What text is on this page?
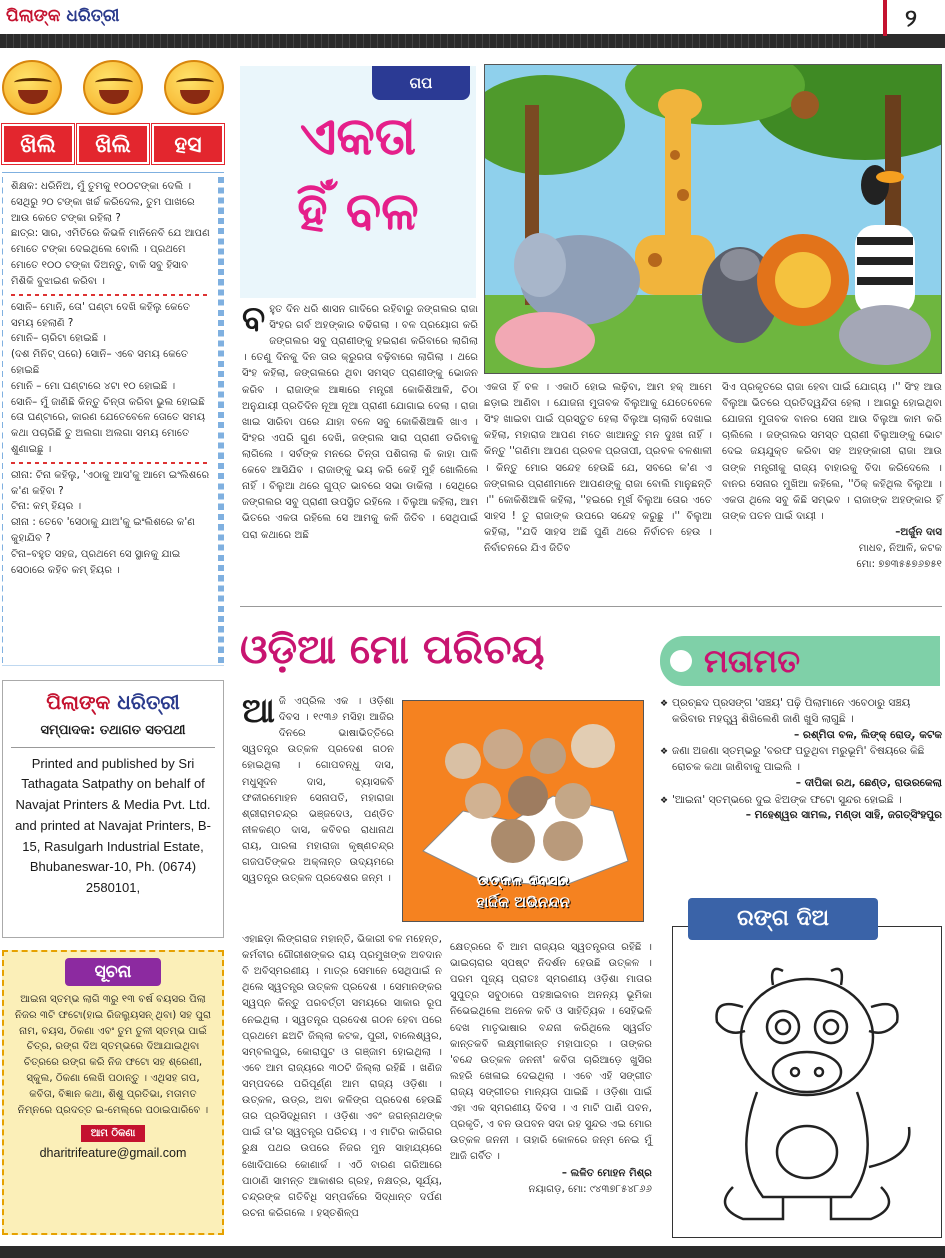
ପିଲାଙ୍କ ଧରିତ୍ରୀ	୨
ଖିଲି	ଖିଲି	ହସ

ଶିକ୍ଷକ: ଧରିନିଅ, ମୁଁ ତୁମକୁ ୧୦୦ଟଙ୍କା ଦେଲି । ସେଥିରୁ ୨୦ ଟଙ୍କା ଖର୍ଚ୍ଚ କରିଦେଲ, ତୁମ ପାଖରେ ଆଉ କେତେ ଟଙ୍କା ରହିଲା ?

ଛାତ୍ର: ସାର, ଏମିତିରେ କିଭଳି ମାନିନେବି ଯେ ଆପଣ ମୋତେ ଟଙ୍କା ଦେଇଥିଲେ ବୋଲି । ପ୍ରଥମେ ମୋତେ ୧୦୦ ଟଙ୍କା ଦିଅନ୍ତୁ, ବାକି ସବୁ ହିସାବ ମିଶିକି ବୁଝାଇଣ କରିବା ।

ସୋନି– ମୋନି, ତୋ' ଘଣ୍ଟା ଦେଖି କହିଲୁ କେତେ ସମୟ ହେଲାଣି ?

ମୋନି– ଚାରିଟା ହୋଇଛି ।

(ଦଶ ମିନିଟ୍ ପରେ) ସୋନି– ଏବେ ସମୟ କେତେ ହୋଇଛି

ମୋନି – ମୋ ଘଣ୍ଟାରେ ୪ଟା ୧୦ ହୋଇଛି ।

ସୋନି– ମୁଁ ଜାଣିଛି କିନ୍ତୁ ଚିନ୍ତା କରିବା ଭୁଲ ହୋଇଛି ତୋ ଘଣ୍ଟାରେ, କାରଣ ଯେତେବେଳେ ତୋତେ ସମୟ କଥା ପଚାରିଛି ତୁ ଅଲଗା ଅଲଗା ସମୟ ମୋତେ ଶୁଣାଇଛୁ ।

ରୀନା: ଟିନା କହିଲୁ, 'ଏଠାକୁ ଆସ'କୁ ଆମେ ଇଂଲିଶରେ କ'ଣ କହିବା ?

ଟିନା: କମ୍ ହିୟର ।

ରୀନା : ତେବେ 'ସେଠାକୁ ଯାଅ'କୁ ଇଂଲିଶରେ କ'ଣ କୁହାଯିବ ?

ଟିନା–ବହୁତ ସହଜ, ପ୍ରଥମେ ସେ ସ୍ଥାନକୁ ଯାଇ ସେଠାରେ କହିବ କମ୍ ହିୟର ।

ପିଲାଙ୍କ ଧରିତ୍ରୀ
ସମ୍ପାଦକ: ତଥାଗତ ସତପଥୀ
Printed and published by Sri Tathagata Satpathy on behalf of Navajat Printers & Media Pvt. Ltd. and printed at Navajat Printers, B-15, Rasulgarh Industrial Estate, Bhubaneswar-10, Ph. (0674) 2580101,
ସୂଚନା
ଆଇନା ସ୍ତମ୍ଭ ଲାଗି ୩ରୁ ୧୩ ବର୍ଷ ବୟସର ପିଲା ନିଜର ୩ଟି ଫଟୋ(ହାଇ ରିଜଲ୍ୟୁସନ୍ ଥିବା) ସହ ପୁରା ନାମ, ବୟସ, ଠିକଣା ଏବଂ ତୁମ ତୁଳୀ ସ୍ତମ୍ଭ ପାଇଁ ଚିତ୍ର, ରଙ୍ଗ ଦିଅ ସ୍ତମ୍ଭରେ ଦିଆଯାଇଥିବା ଚିତ୍ରରେ ରଙ୍ଗ କରି ନିଜ ଫଟୋ ସହ ଶ୍ରେଣୀ, ସ୍କୁଲ, ଠିକଣା ଲେଖି ପଠାନ୍ତୁ । ଏଥିସହ ଗପ, କବିତା, ବିଜ୍ଞାନ କଥା, ଶିଶୁ ପ୍ରତିଭା, ମତାମତ ନିମ୍ନରେ ପ୍ରଦତ୍ତ ଇ-ମେଲ୍‌ରେ ପଠାଇପାରିବେ ।
ଆମ ଠିକଣା
dharitrifeature@gmail.com
ଗପ
ଏକତା
ହିଁ ବଳ
ବହୁତ ଦିନ ଧରି ଶାସନ ଗାଦିରେ ରହିବାରୁ ଜଙ୍ଗଲର ରାଜା ସିଂହର ଗର୍ବ ଅହଙ୍କାର ବଢିଗଲା । ବଳ ପ୍ରୟୋଗ କରି ଜଙ୍ଗଲର ସବୁ ପ୍ରାଣୀଙ୍କୁ ହଇରାଣ କରିବାରେ ଲାଗିଲା । ତେଣୁ ଦିନକୁ ଦିନ ତାର କ୍ରୁରତା ବଢ଼ିବାରେ ଲାଗିଲା । ଥରେ ସିଂହ କହିଲା, ଜଙ୍ଗଲରେ ଥିବା ସମସ୍ତ ପ୍ରାଣୀଙ୍କୁ ଭୋଜନ କରିବ । ରାଜାଙ୍କ ଆଜ୍ଞାରେ ମନ୍ତ୍ରୀ କୋକିଶିଆଳି, ଚିଠା ଅନୁଯାୟୀ ପ୍ରତିଦିନ ନୂଆ ନୂଆ ପ୍ରାଣୀ ଯୋଗାଇ ଦେଲା । ରାଜା ଖାଇ ସାରିବା ପରେ ଯାହା ବଳେ ସବୁ କୋକିଶିଆଳି ଖାଏ । ସିଂହର ଏପରି ଗୁଣ ଦେଖି, ଜଙ୍ଗଲ ସାରା ପ୍ରାଣୀ ଡରିବାକୁ ଲାଗିଲେ । ସର୍ବଙ୍କ ମନରେ ଚିନ୍ତା ପଶିଗଲା କି କାହା ପାଳି କେବେ ଆସିଯିବ । ରାଜାଙ୍କୁ ଭୟ କରି କେହି ମୁହଁ ଖୋଲିଲେ ନାହିଁ । ବିଲୁଆ ଥରେ ଗୁପ୍ତ ଭାବରେ ସଭା ଡାକିଲା । ସେଥିରେ ଜଙ୍ଗଲର ସବୁ ପ୍ରାଣୀ ଉପସ୍ଥିତ ରହିଲେ । ବିଲୁଆ କହିଲା, ଆମ ଭିତରେ ଏକତା ରହିଲେ ସେ ଆମକୁ କଳି ଜିତିବ । ସେଥିପାଇଁ ପରା କଥାରେ ଅଛି
ଏକତା ହିଁ ବଳ । ଏକାଠି ହୋଇ ଲଢ଼ିବା, ଆମ ହକ୍ ଆମେ ଛଡ଼ାଇ ଆଣିବା । ଯୋଜନା ମୁତାବକ ବିଲୁଆକୁ ଯେତେବେଳେ ସିଂହ ଖାଇବା ପାଇଁ ପ୍ରସ୍ତୁତ ହେଲା ବିଲୁଆ ଚାଲାକି ଦେଖାଇ କହିଲା, ମହାରାଜ ଆପଣ ମତେ ଖାଆନ୍ତୁ ମନ ଦୁଃଖ ନାହିଁ । କିନ୍ତୁ ''ଗଣିମା ଆପଣ ପ୍ରବଳ ପ୍ରତାପୀ, ପ୍ରବଳ ବଳଶାଳୀ । କିନ୍ତୁ ମୋର ସନ୍ଦେହ ହେଉଛି ଯେ, ସବରେ କ'ଣ ଏ ଜଙ୍ଗଲର ପ୍ରାଣୀମାନେ ଆପଣଙ୍କୁ ରାଜା ବୋଲି ମାନୁଛନ୍ତି ।'' କୋକିଶିଆଳି କହିଲା, ''ହଇରେ ମୂର୍ଖ ବିଲୁଆ ତୋର ଏତେ ସାହସ ! ତୁ ରାଜାଙ୍କ ଉପରେ ସନ୍ଦେହ କରୁଛୁ ।'' ବିଲୁଆ କହିଲା, ''ଯଦି ସାହସ ଅଛି ପୁଣି ଥରେ ନିର୍ବାଚନ ହେଉ । ନିର୍ବାଚନରେ ଯିଏ ଜିତିବ
ସିଏ ପ୍ରକୃତରେ ରାଜା ହେବା ପାଇଁ ଯୋଗ୍ୟ ।'' ସିଂହ ଆଉ ବିଲୁଆ ଭିତରେ ପ୍ରତିଦ୍ୱନ୍ଦିତା ହେଲା । ଆଗରୁ ହୋଇଥିବା ଯୋଜନା ମୁତାବକ ବାନର ସେନା ଆଉ ବିଲୁଆ କାମ କରି ଚାଲିଲେ । ଜଙ୍ଗଲର ସମସ୍ତ ପ୍ରାଣୀ ବିଲୁଆଙ୍କୁ ଭୋଟ ଦେଇ ଜୟଯୁକ୍ତ କରିବା ସହ ଅହଙ୍କାରୀ ରାଜା ଆଉ ତାଙ୍କ ମନ୍ତ୍ରୀକୁ ରାଜ୍ୟ ବାହାରକୁ ବିଦା କରିଦେଲେ । ବାନର ସେନାର ମୁଖିଆ କହିଲେ, ''ଠିକ୍ କହିଥିଲ ବିଲୁଆ । ଏକତା ଥିଲେ ସବୁ କିଛି ସମ୍ଭବ । ରାଜାଙ୍କ ଅହଙ୍କାର ହିଁ ତାଙ୍କ ପତନ ପାଇଁ ଦାୟୀ ।
–ଅର୍ଜୁନ ଦାସ
ମାଧବ, ନିଆଳି, କଟକ
ମୋ: ୭୭୩୫୫୭୬୭୫୧
ଓଡ଼ିଆ ମୋ ପରିଚୟ
ଆଜି ଏପ୍ରିଲ ଏକ । ଓଡ଼ିଶା ଦିବସ । ୧୯୩୬ ମସିହା ଆଜିର ଦିନରେ ଭାଷାଭିତ୍ତିରେ ସ୍ୱତନ୍ତ୍ର ଉତ୍କଳ ପ୍ରଦେଶ ଗଠନ ହୋଇଥିଲା । ଗୋପବନ୍ଧୁ ଦାସ, ମଧୁସୂଦନ ଦାସ, ବ୍ୟାସକବି ଫକୀରମୋହନ ସେନାପତି, ମହାରାଜା ଶ୍ରୀରାମଚନ୍ଦ୍ର ଭଞ୍ଜଦେଓ, ପଣ୍ଡିତ ନୀଳକଣ୍ଠ ଦାସ, କବିବର ରାଧାନାଥ ରାୟ, ପାରଳା ମହାରାଜା କୃଷ୍ଣଚନ୍ଦ୍ର ଗଜପତିଙ୍କର ଅକ୍ଳାନ୍ତ ଉଦ୍ୟମରେ ସ୍ୱତନ୍ତ୍ର ଉତ୍କଳ ପ୍ରଦେଶର ଜନ୍ମ ।	ଉତ୍କଳ ଦିବସର
ହାର୍ଦ୍ଦିକ ଅଭିନନ୍ଦନ
ଏହାଛଡ଼ା ଲିଙ୍ଗରାଜ ମହାନ୍ତି, ଭିକାରୀ ବଳ ମହେନ୍ତ, କର୍ମବୀର ଗୌରୀଶଙ୍କର ରାୟ ପ୍ରମୁଖଙ୍କ ଅବଦାନ ବି ଅବିସ୍ମରଣୀୟ । ମାତ୍ର ସେମାନେ ସେଥିପାଇଁ ନ ଥିଲେ ସ୍ୱତନ୍ତ୍ର ଉତ୍କଳ ପ୍ରଦେଶ । ସେମାନଙ୍କର ସ୍ୱପ୍ନ କିନ୍ତୁ ପରବର୍ତ୍ତୀ ସମୟରେ ସାକାର ରୂପ ନେଇଥିଲା । ସ୍ୱତନ୍ତ୍ର ପ୍ରଦେଶ ଗଠନ ହେବା ପରେ ପ୍ରଥମେ ଛଅଟି ଜିଲ୍ଲା କଟକ, ପୁରୀ, ବାଲେଶ୍ୱର, ସମ୍ବଲପୁର, କୋରାପୁଟ ଓ ଗଞ୍ଜାମ ହୋଇଥିଲା । ଏବେ ଆମ ରାଜ୍ୟରେ ୩୦ଟି ଜିଲ୍ଲା ରହିଛି । ଖଣିଜ ସମ୍ପଦରେ ପରିପୂର୍ଣ୍ଣ ଆମ ରାଜ୍ୟ ଓଡ଼ିଶା । ଉତ୍କଳ, ଉଡ୍ର, ଅବା କଳିଙ୍ଗ ପ୍ରଦେଶ ହେଉଛି ତାର ପ୍ରସିଦ୍ଧିନାମ । ଓଡ଼ିଶା ଏବଂ ଜଗନ୍ନାଥଙ୍କ ପାଇଁ ତା'ର ସ୍ୱତନ୍ତ୍ର ପରିଚୟ । ଏ ମାଟିର କାରିଗର ରୁକ୍ଷ ପଥର ଉପରେ ନିଜର ମୁନ ସାହାଯ୍ୟରେ ଖୋଦିପାରେ କୋଣାର୍କ । ଏଠି ବାରଣ ଗରିଆରେ ପାଠାଣି ସାମନ୍ତ ଆକାଶର ଗ୍ରହ, ନକ୍ଷତ୍ର, ସୂର୍ଯ୍ୟ, ଚନ୍ଦ୍ରଙ୍କ ଗତିବିଧି ସମ୍ପର୍କରେ ସିଦ୍ଧାନ୍ତ ଦର୍ପଣ ରଚନା କରିଗଲେ । ହସ୍ତଶିଳ୍ପ
କ୍ଷେତ୍ରରେ ବି ଆମ ରାଜ୍ୟର ସ୍ୱତନ୍ତ୍ରତା ରହିଛି । ଭାଇଚାରାର ସ୍ପଷ୍ଟ ନିଦର୍ଶନ ହେଉଛି ଉତ୍କଳ । ପରମ ପୂଜ୍ୟ ପ୍ରାତଃ ସ୍ମରଣୀୟ ଓଡ଼ିଶା ମାତାର ସୁପୁତ୍ର ସବୁଠାରେ ପହଞ୍ଚାଇବାର ଅନନ୍ୟ ଭୂମିକା ନିଭେଇଥିଲେ ଅନେକ କବି ଓ ସାହିତ୍ୟିକ । ସେହିଭଳି ଦେଖ ମାତୃଭାଷାର ବନ୍ଦନା କରିଥିଲେ ସ୍ୱର୍ଗତ କାନ୍ତକବି ଲକ୍ଷ୍ମୀକାନ୍ତ ମହାପାତ୍ର । ତାଙ୍କର 'ବନ୍ଦେ ଉତ୍କଳ ଜନନୀ' କବିତା ଚାରିଆଡ଼େ ଖୁସିର ଲହରି ଖେଳାଇ ଦେଇଥିଲା । ଏବେ ଏହି ସଙ୍ଗୀତ ରାଜ୍ୟ ସଙ୍ଗୀତର ମାନ୍ୟତା ପାଇଛି । ଓଡ଼ିଶା ପାଇଁ ଏହା ଏକ ସ୍ମରଣୀୟ ଦିବସ । ଏ ମାଟି ପାଣି ପବନ, ପ୍ରକୃତି, ଏ ବନ ଉପବନ ସଦା ରହ ସୁନ୍ଦର ଏଇ ମୋର ଉତ୍କଳ ଜନନୀ । ତାହାରି କୋଳରେ ଜନ୍ମ ନେଇ ମୁଁ ଆଜି ଗର୍ବିତ ।
– ଲଳିତ ମୋହନ ମିଶ୍ର
ନୟାଗଡ଼, ମୋ: ୯୪୩୭୮୫୪୮୬୬
ମତାମତ
❖ ପ୍ରଚ୍ଛଦ ପ୍ରସଙ୍ଗ 'ସଞ୍ଚୟ' ପଢ଼ି ପିଲାମାନେ ଏବେଠାରୁ ସଞ୍ଚୟ କରିବାର ମହତ୍ତ୍ୱ ଶିଖିଲେଣି ଜାଣି ଖୁସି ଲାଗୁଛି ।
– ରଶ୍ମିତା ବଳ, ଲିଙ୍କ୍ ରୋଡ୍, କଟକ
❖ ଜଣା ଅଜଣା ସ୍ତମ୍ଭରୁ 'ବରଫ ପଡୁଥିବା ମରୁଭୂମି' ବିଷୟରେ କିଛି ରୋଚକ କଥା ଜାଣିବାକୁ ପାଇଲି ।
– ଦୀପିକା ରଥ, ଛେଣ୍ଡ, ରାଉରକେଲା
❖ 'ଆଇନା' ସ୍ତମ୍ଭରେ ଦୁଇ ଝିଅଙ୍କ ଫଟୋ ସୁନ୍ଦର ହୋଇଛି ।
– ମହେଶ୍ୱର ସାମଲ, ମଣ୍ଡା ସାହି, ଜଗତ୍‌ସିଂହପୁର
ରଙ୍ଗ ଦିଅ
